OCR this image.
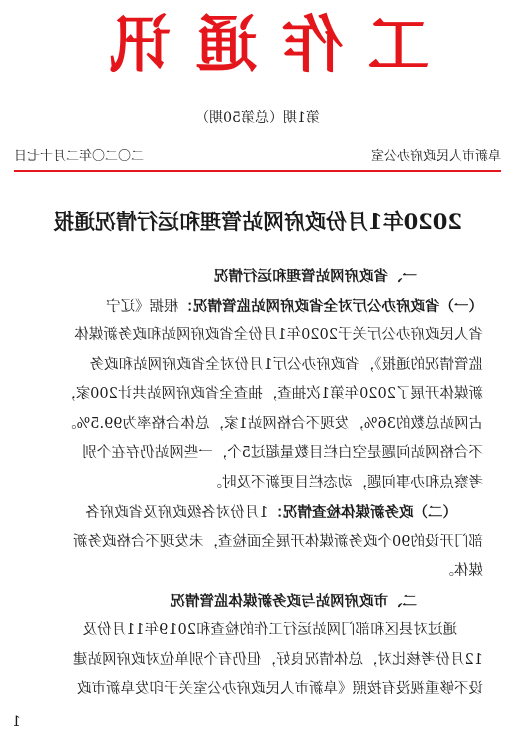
工作通讯
第1期（总第50期）
阜新市人民政府办公室
二〇二〇年二月十七日
2020年1月份政府网站管理和运行情况通报
一、省政府网站管理和运行情况
（一）省政府办公厅对全省政府网站监管情况：根据《辽宁
省人民政府办公厅关于2020年1月份全省政府网站和政务新媒体
监管情况的通报》，省政府办公厅1月份对全省政府网站和政务
新媒体开展了2020年第1次抽查，抽查全省政府网站共计200家，
占网站总数的36%，发现不合格网站1家，总体合格率为99.5%。
不合格网站问题是空白栏目数量超过5个，一些网站仍存在个别
考察点和办事问题，动态栏目更新不及时。
（二）政务新媒体检查情况：1月份对各级政府及省政府各
部门开设的90个政务新媒体开展全面检查，未发现不合格政务新
媒体。
二、市政府网站与政务新媒体监管情况
通过对县区和部门网站运行工作的检查和2019年11月份及
12月份考核比对，总体情况良好，但仍有个别单位对政府网站建
设不够重视没有按照《阜新市人民政府办公室关于印发阜新市政
1
